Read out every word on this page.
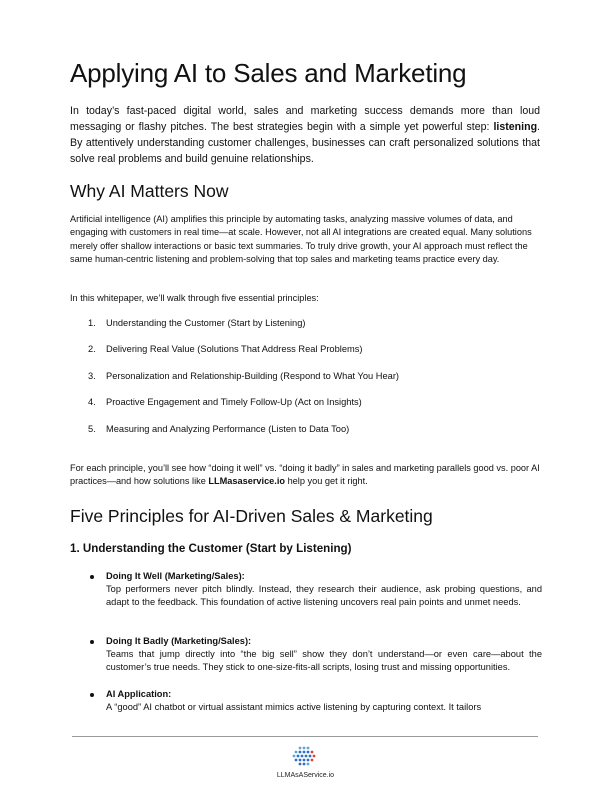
Applying AI to Sales and Marketing
In today’s fast-paced digital world, sales and marketing success demands more than loud messaging or flashy pitches. The best strategies begin with a simple yet powerful step: listening. By attentively understanding customer challenges, businesses can craft personalized solutions that solve real problems and build genuine relationships.
Why AI Matters Now
Artificial intelligence (AI) amplifies this principle by automating tasks, analyzing massive volumes of data, and engaging with customers in real time—at scale. However, not all AI integrations are created equal. Many solutions merely offer shallow interactions or basic text summaries. To truly drive growth, your AI approach must reflect the same human-centric listening and problem-solving that top sales and marketing teams practice every day.
In this whitepaper, we’ll walk through five essential principles:
1. Understanding the Customer (Start by Listening)
2. Delivering Real Value (Solutions That Address Real Problems)
3. Personalization and Relationship-Building (Respond to What You Hear)
4. Proactive Engagement and Timely Follow-Up (Act on Insights)
5. Measuring and Analyzing Performance (Listen to Data Too)
For each principle, you’ll see how “doing it well” vs. “doing it badly” in sales and marketing parallels good vs. poor AI practices—and how solutions like LLMasaservice.io help you get it right.
Five Principles for AI-Driven Sales & Marketing
1. Understanding the Customer (Start by Listening)
Doing It Well (Marketing/Sales):
Top performers never pitch blindly. Instead, they research their audience, ask probing questions, and adapt to the feedback. This foundation of active listening uncovers real pain points and unmet needs.
Doing It Badly (Marketing/Sales):
Teams that jump directly into “the big sell” show they don’t understand—or even care—about the customer’s true needs. They stick to one-size-fits-all scripts, losing trust and missing opportunities.
AI Application:
A “good” AI chatbot or virtual assistant mimics active listening by capturing context. It tailors
LLMAsAService.io
